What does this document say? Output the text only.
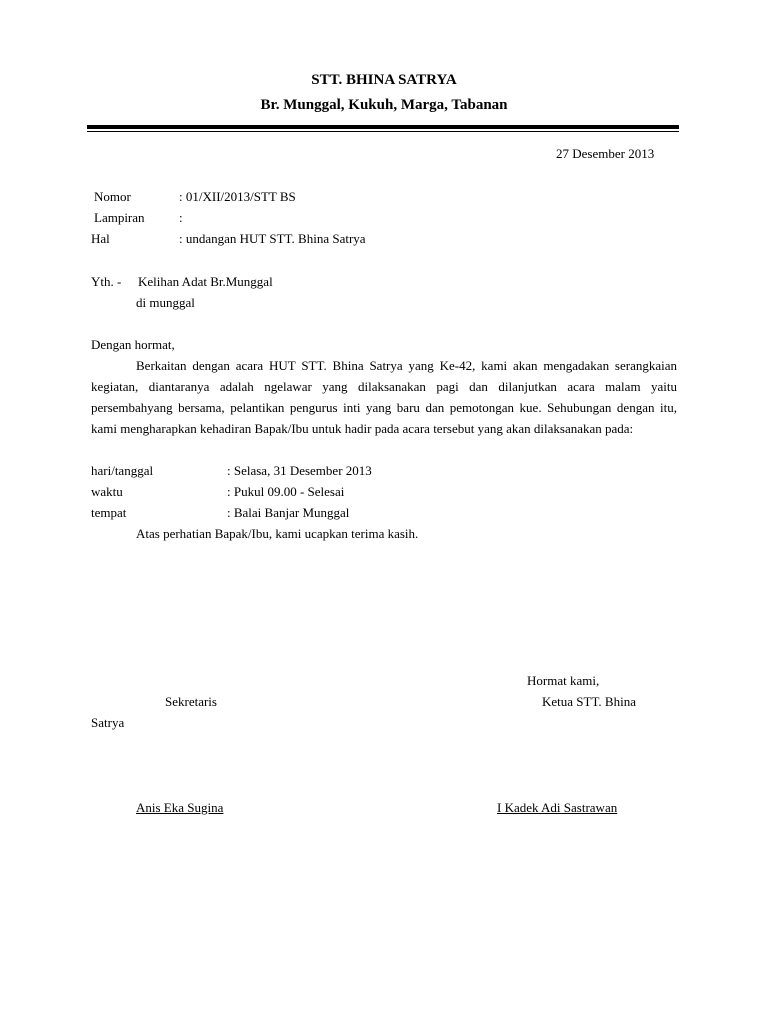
STT. BHINA SATRYA
Br. Munggal, Kukuh, Marga, Tabanan
27 Desember 2013
Nomor	: 01/XII/2013/STT BS
Lampiran	:
Hal	: undangan HUT STT. Bhina Satrya
Yth. - Kelihan Adat Br.Munggal
di munggal
Dengan hormat,
Berkaitan dengan acara HUT STT. Bhina Satrya yang Ke-42, kami akan mengadakan serangkaian kegiatan, diantaranya adalah ngelawar yang dilaksanakan pagi dan dilanjutkan acara malam yaitu persembahyang bersama, pelantikan pengurus inti yang baru dan pemotongan kue. Sehubungan dengan itu, kami mengharapkan kehadiran Bapak/Ibu untuk hadir pada acara tersebut yang akan dilaksanakan pada:
hari/tanggal	: Selasa, 31 Desember 2013
waktu	: Pukul 09.00 - Selesai
tempat	: Balai Banjar Munggal
Atas perhatian Bapak/Ibu, kami ucapkan terima kasih.
Hormat kami,
Sekretaris	Ketua STT. Bhina
Satrya
Anis Eka Sugina	I Kadek Adi Sastrawan
